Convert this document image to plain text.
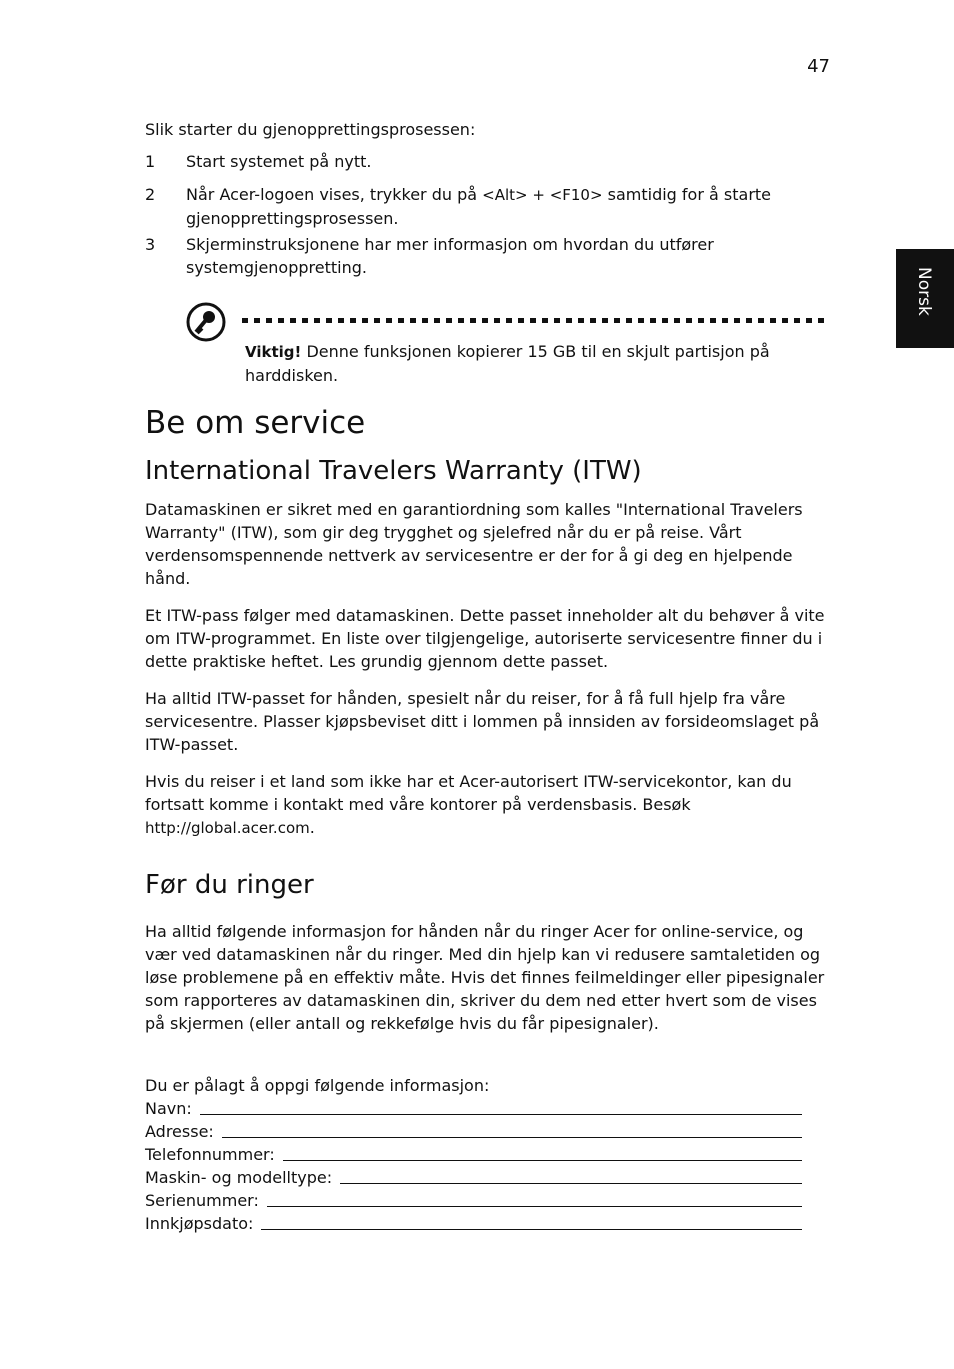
47
Norsk

Slik starter du gjenopprettingsprosessen:

1 Start systemet på nytt.
2 Når Acer-logoen vises, trykker du på <Alt> + <F10> samtidig for å starte gjenopprettingsprosessen.
3 Skjerminstruksjonene har mer informasjon om hvordan du utfører systemgjenoppretting.

Viktig! Denne funksjonen kopierer 15 GB til en skjult partisjon på harddisken.

Be om service
International Travelers Warranty (ITW)

Datamaskinen er sikret med en garantiordning som kalles "International Travelers Warranty" (ITW), som gir deg trygghet og sjelefred når du er på reise. Vårt verdensomspennende nettverk av servicesentre er der for å gi deg en hjelpende hånd.

Et ITW-pass følger med datamaskinen. Dette passet inneholder alt du behøver å vite om ITW-programmet. En liste over tilgjengelige, autoriserte servicesentre finner du i dette praktiske heftet. Les grundig gjennom dette passet.

Ha alltid ITW-passet for hånden, spesielt når du reiser, for å få full hjelp fra våre servicesentre. Plasser kjøpsbeviset ditt i lommen på innsiden av forsideomslaget på ITW-passet.

Hvis du reiser i et land som ikke har et Acer-autorisert ITW-servicekontor, kan du fortsatt komme i kontakt med våre kontorer på verdensbasis. Besøk http://global.acer.com.

Før du ringer

Ha alltid følgende informasjon for hånden når du ringer Acer for online-service, og vær ved datamaskinen når du ringer. Med din hjelp kan vi redusere samtaletiden og løse problemene på en effektiv måte. Hvis det finnes feilmeldinger eller pipesignaler som rapporteres av datamaskinen din, skriver du dem ned etter hvert som de vises på skjermen (eller antall og rekkefølge hvis du får pipesignaler).

Du er pålagt å oppgi følgende informasjon:

Navn:
Adresse:
Telefonnummer:
Maskin- og modelltype:
Serienummer:
Innkjøpsdato:
